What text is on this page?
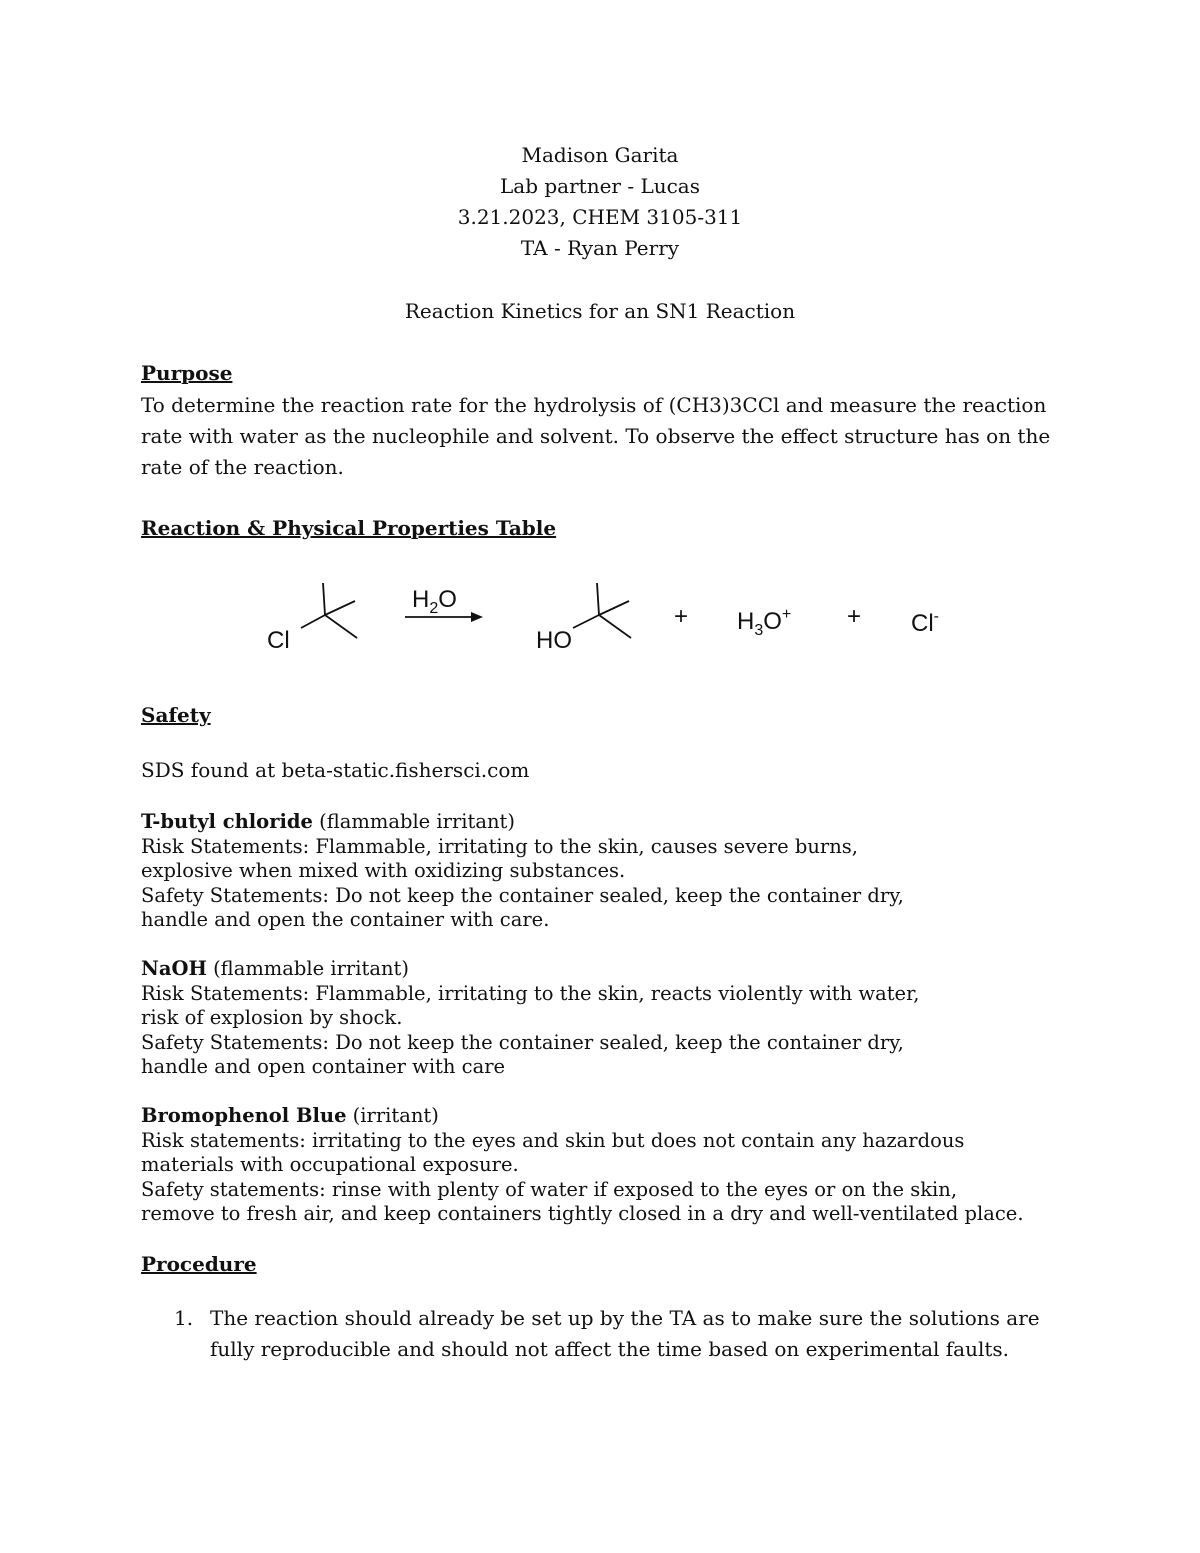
Madison Garita
Lab partner - Lucas
3.21.2023, CHEM 3105-311
TA - Ryan Perry
Reaction Kinetics for an SN1 Reaction
Purpose
To determine the reaction rate for the hydrolysis of (CH3)3CCl and measure the reaction rate with water as the nucleophile and solvent. To observe the effect structure has on the rate of the reaction.
Reaction & Physical Properties Table
Cl
$H_2O$
HO
+ $H_3O^+ + Cl^-$
Safety
SDS found at beta-static.fishersci.com
T-butyl chloride (flammable irritant)
Risk Statements: Flammable, irritating to the skin, causes severe burns, explosive when mixed with oxidizing substances.
Safety Statements: Do not keep the container sealed, keep the container dry, handle and open the container with care.
NaOH (flammable irritant)
Risk Statements: Flammable, irritating to the skin, reacts violently with water, risk of explosion by shock.
Safety Statements: Do not keep the container sealed, keep the container dry, handle and open container with care
Bromophenol Blue (irritant)
Risk statements: irritating to the eyes and skin but does not contain any hazardous materials with occupational exposure.
Safety statements: rinse with plenty of water if exposed to the eyes or on the skin, remove to fresh air, and keep containers tightly closed in a dry and well-ventilated place.
Procedure
1. The reaction should already be set up by the TA as to make sure the solutions are fully reproducible and should not affect the time based on experimental faults.
